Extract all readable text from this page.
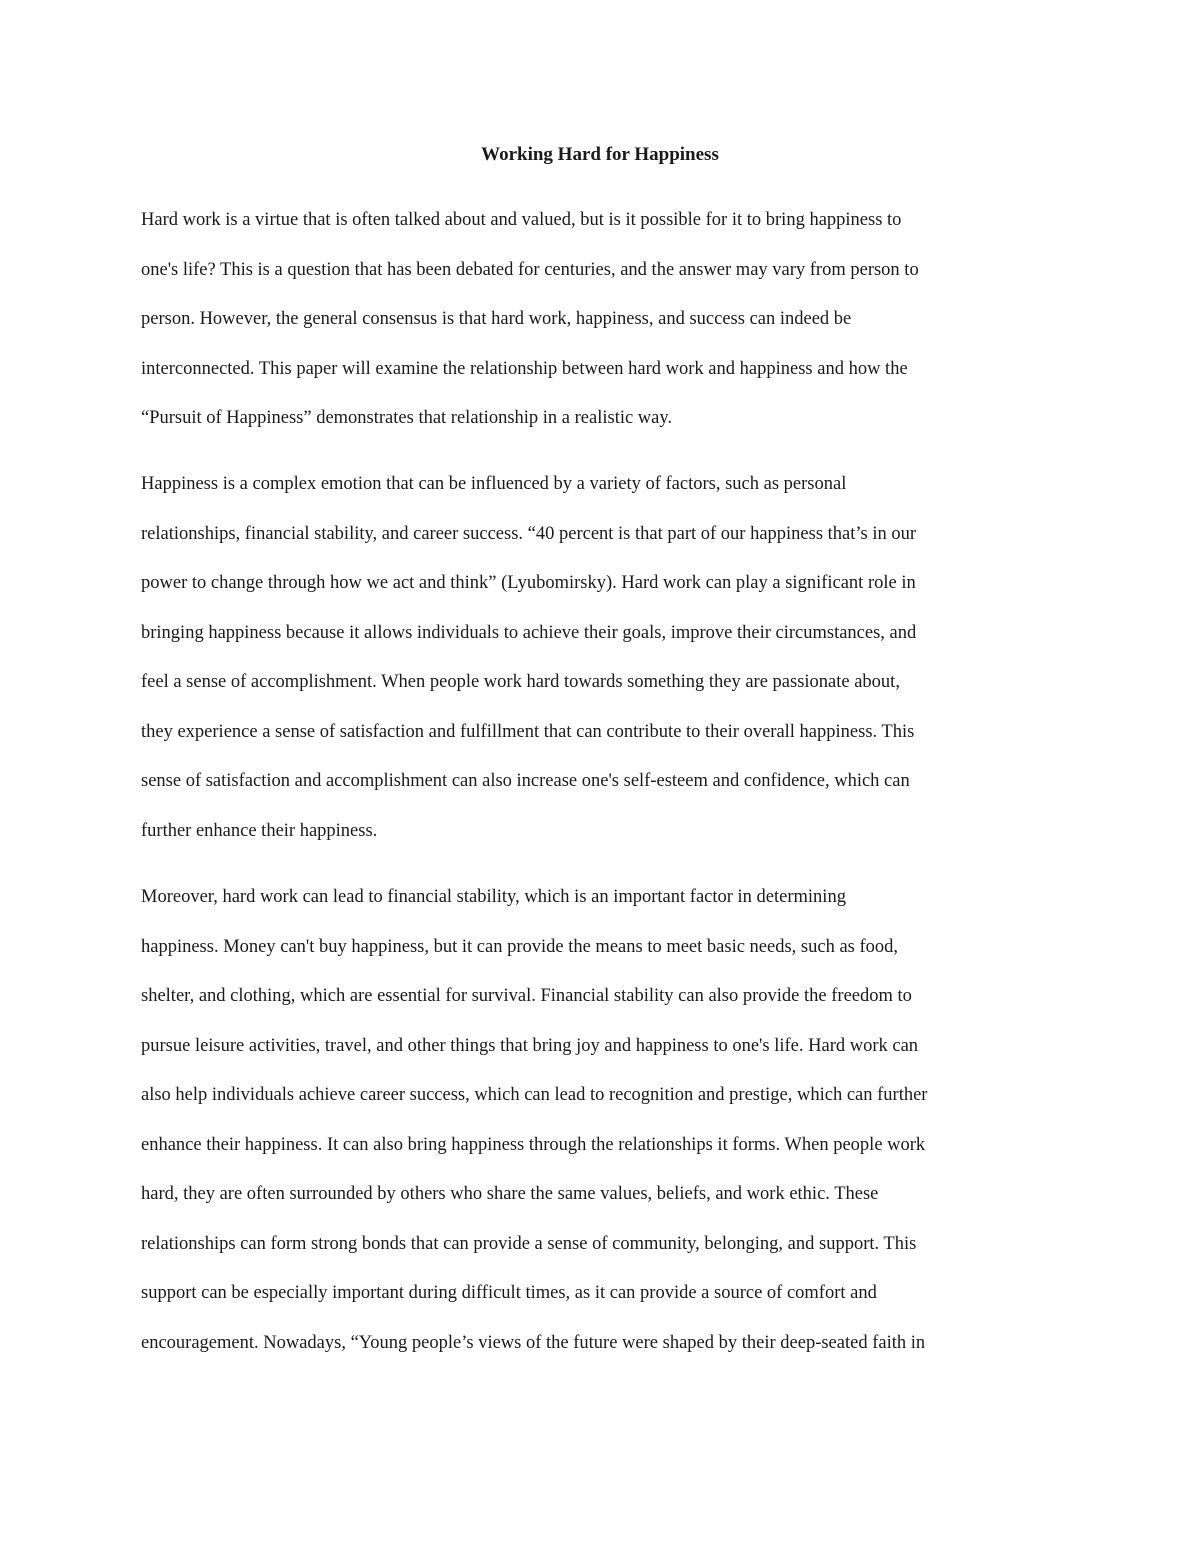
Working Hard for Happiness

Hard work is a virtue that is often talked about and valued, but is it possible for it to bring happiness to

one's life? This is a question that has been debated for centuries, and the answer may vary from person to

person. However, the general consensus is that hard work, happiness, and success can indeed be

interconnected. This paper will examine the relationship between hard work and happiness and how the

“Pursuit of Happiness” demonstrates that relationship in a realistic way.

Happiness is a complex emotion that can be influenced by a variety of factors, such as personal

relationships, financial stability, and career success. “40 percent is that part of our happiness that’s in our

power to change through how we act and think” (Lyubomirsky). Hard work can play a significant role in

bringing happiness because it allows individuals to achieve their goals, improve their circumstances, and

feel a sense of accomplishment. When people work hard towards something they are passionate about,

they experience a sense of satisfaction and fulfillment that can contribute to their overall happiness. This

sense of satisfaction and accomplishment can also increase one's self-esteem and confidence, which can

further enhance their happiness.

Moreover, hard work can lead to financial stability, which is an important factor in determining

happiness. Money can't buy happiness, but it can provide the means to meet basic needs, such as food,

shelter, and clothing, which are essential for survival. Financial stability can also provide the freedom to

pursue leisure activities, travel, and other things that bring joy and happiness to one's life. Hard work can

also help individuals achieve career success, which can lead to recognition and prestige, which can further

enhance their happiness. It can also bring happiness through the relationships it forms. When people work

hard, they are often surrounded by others who share the same values, beliefs, and work ethic. These

relationships can form strong bonds that can provide a sense of community, belonging, and support. This

support can be especially important during difficult times, as it can provide a source of comfort and

encouragement. Nowadays, “Young people’s views of the future were shaped by their deep-seated faith in
